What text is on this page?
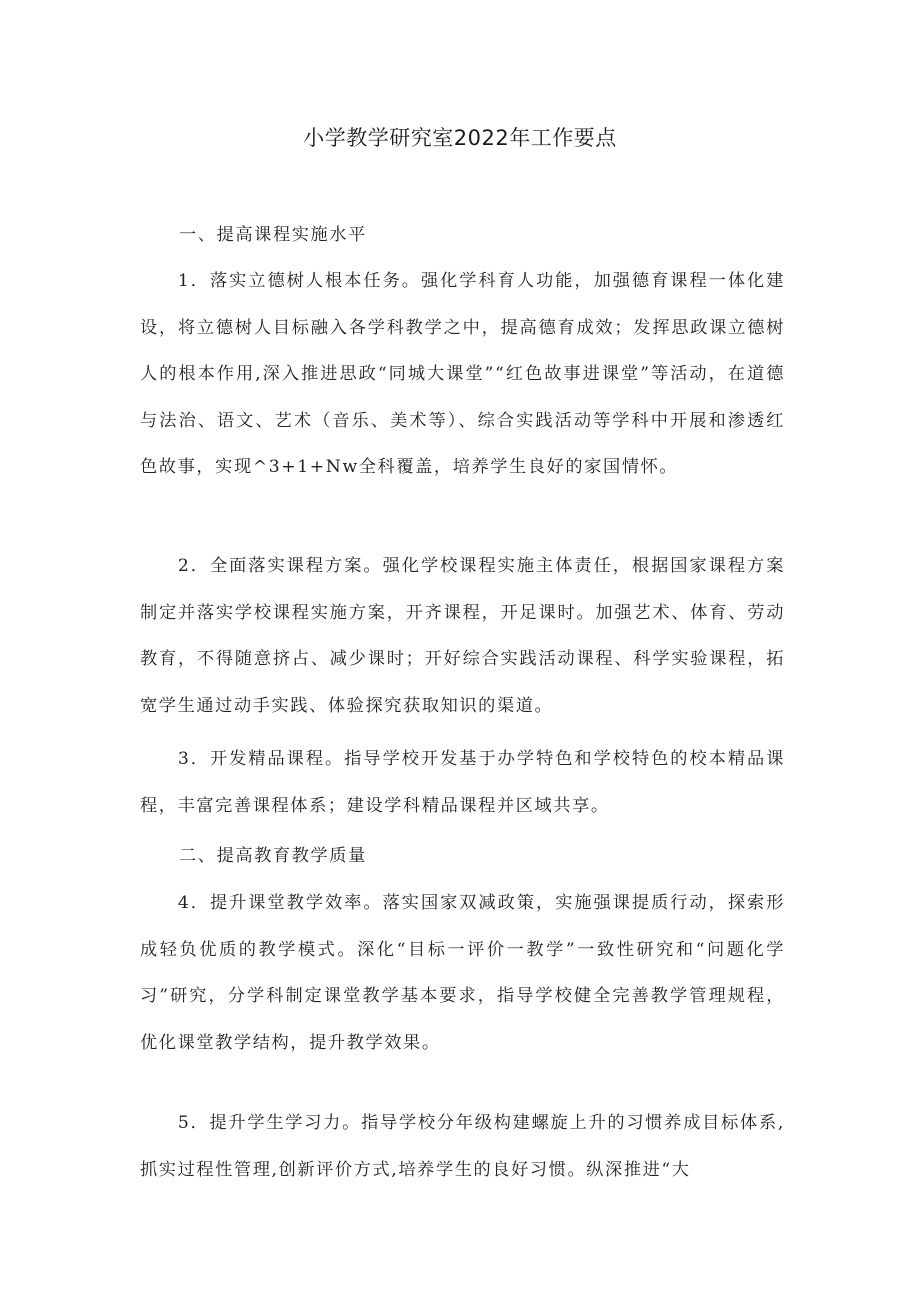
小学教学研究室2022年工作要点

一、提高课程实施水平

1．落实立德树人根本任务。强化学科育人功能，加强德育课程一体化建设，将立德树人目标融入各学科教学之中，提高德育成效；发挥思政课立德树人的根本作用,深入推进思政“同城大课堂”“红色故事进课堂”等活动，在道德与法治、语文、艺术（音乐、美术等）、综合实践活动等学科中开展和渗透红色故事，实现^3+1+Nw全科覆盖，培养学生良好的家国情怀。

2．全面落实课程方案。强化学校课程实施主体责任，根据国家课程方案制定并落实学校课程实施方案，开齐课程，开足课时。加强艺术、体育、劳动教育，不得随意挤占、减少课时；开好综合实践活动课程、科学实验课程，拓宽学生通过动手实践、体验探究获取知识的渠道。

3．开发精品课程。指导学校开发基于办学特色和学校特色的校本精品课程，丰富完善课程体系；建设学科精品课程并区域共享。

二、提高教育教学质量

4．提升课堂教学效率。落实国家双减政策，实施强课提质行动，探索形成轻负优质的教学模式。深化“目标一评价一教学”一致性研究和“问题化学习”研究，分学科制定课堂教学基本要求，指导学校健全完善教学管理规程，优化课堂教学结构，提升教学效果。

5．提升学生学习力。指导学校分年级构建螺旋上升的习惯养成目标体系,抓实过程性管理,创新评价方式,培养学生的良好习惯。纵深推进“大
